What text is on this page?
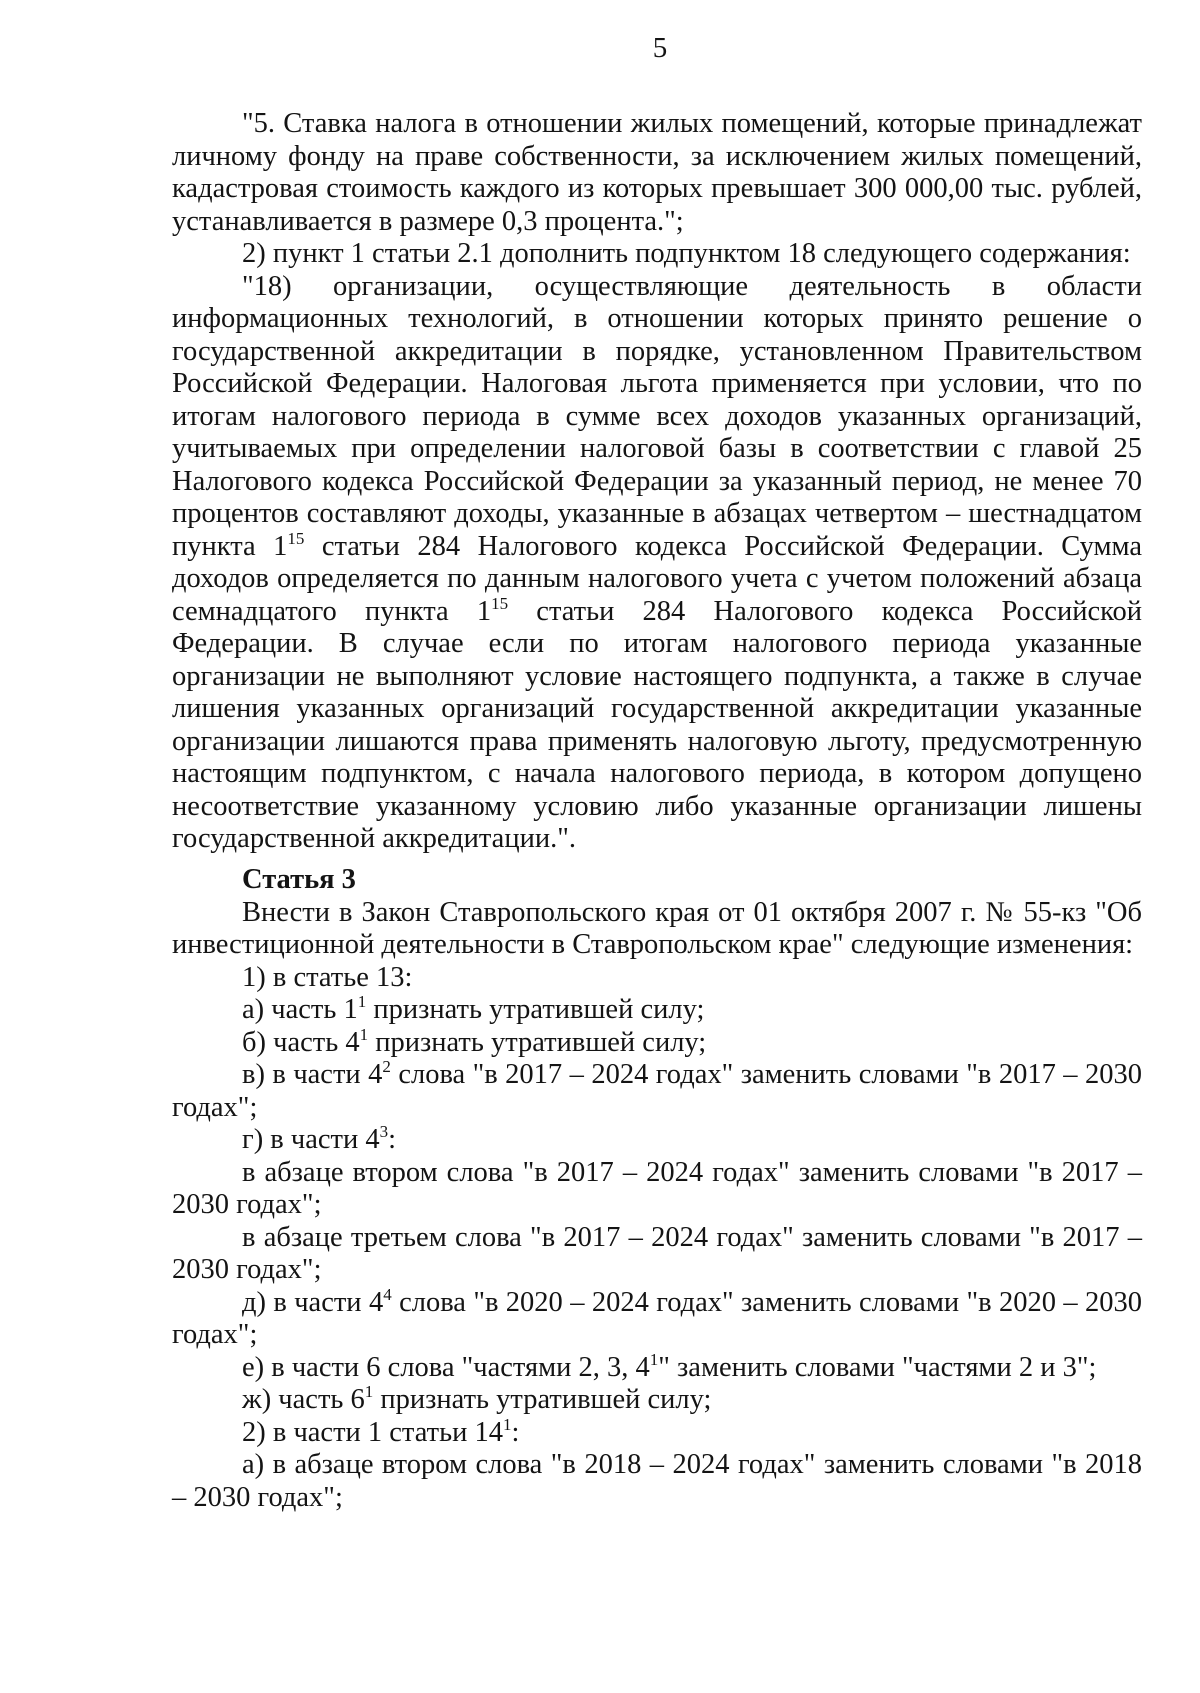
5

"5. Ставка налога в отношении жилых помещений, которые принадлежат личному фонду на праве собственности, за исключением жилых помещений, кадастровая стоимость каждого из которых превышает 300 000,00 тыс. рублей, устанавливается в размере 0,3 процента.";

2) пункт 1 статьи 2.1 дополнить подпунктом 18 следующего содержания:

"18) организации, осуществляющие деятельность в области информационных технологий, в отношении которых принято решение о государственной аккредитации в порядке, установленном Правительством Российской Федерации. Налоговая льгота применяется при условии, что по итогам налогового периода в сумме всех доходов указанных организаций, учитываемых при определении налоговой базы в соответствии с главой 25 Налогового кодекса Российской Федерации за указанный период, не менее 70 процентов составляют доходы, указанные в абзацах четвертом – шестнадцатом пункта $1^{15}$ статьи 284 Налогового кодекса Российской Федерации. Сумма доходов определяется по данным налогового учета с учетом положений абзаца семнадцатого пункта $1^{15}$ статьи 284 Налогового кодекса Российской Федерации. В случае если по итогам налогового периода указанные организации не выполняют условие настоящего подпункта, а также в случае лишения указанных организаций государственной аккредитации указанные организации лишаются права применять налоговую льготу, предусмотренную настоящим подпунктом, с начала налогового периода, в котором допущено несоответствие указанному условию либо указанные организации лишены государственной аккредитации.".

Статья 3

Внести в Закон Ставропольского края от 01 октября 2007 г. № 55-кз "Об инвестиционной деятельности в Ставропольском крае" следующие изменения:

1) в статье 13:

а) часть $1^1$ признать утратившей силу;

б) часть $4^1$ признать утратившей силу;

в) в части $4^2$ слова "в 2017 – 2024 годах" заменить словами "в 2017 – 2030 годах";

г) в части $4^3$:

в абзаце втором слова "в 2017 – 2024 годах" заменить словами "в 2017 – 2030 годах";

в абзаце третьем слова "в 2017 – 2024 годах" заменить словами "в 2017 – 2030 годах";

д) в части $4^4$ слова "в 2020 – 2024 годах" заменить словами "в 2020 – 2030 годах";

е) в части 6 слова "частями 2, 3, $4^1$" заменить словами "частями 2 и 3";

ж) часть $6^1$ признать утратившей силу;

2) в части 1 статьи $14^1$:

а) в абзаце втором слова "в 2018 – 2024 годах" заменить словами "в 2018 – 2030 годах";
